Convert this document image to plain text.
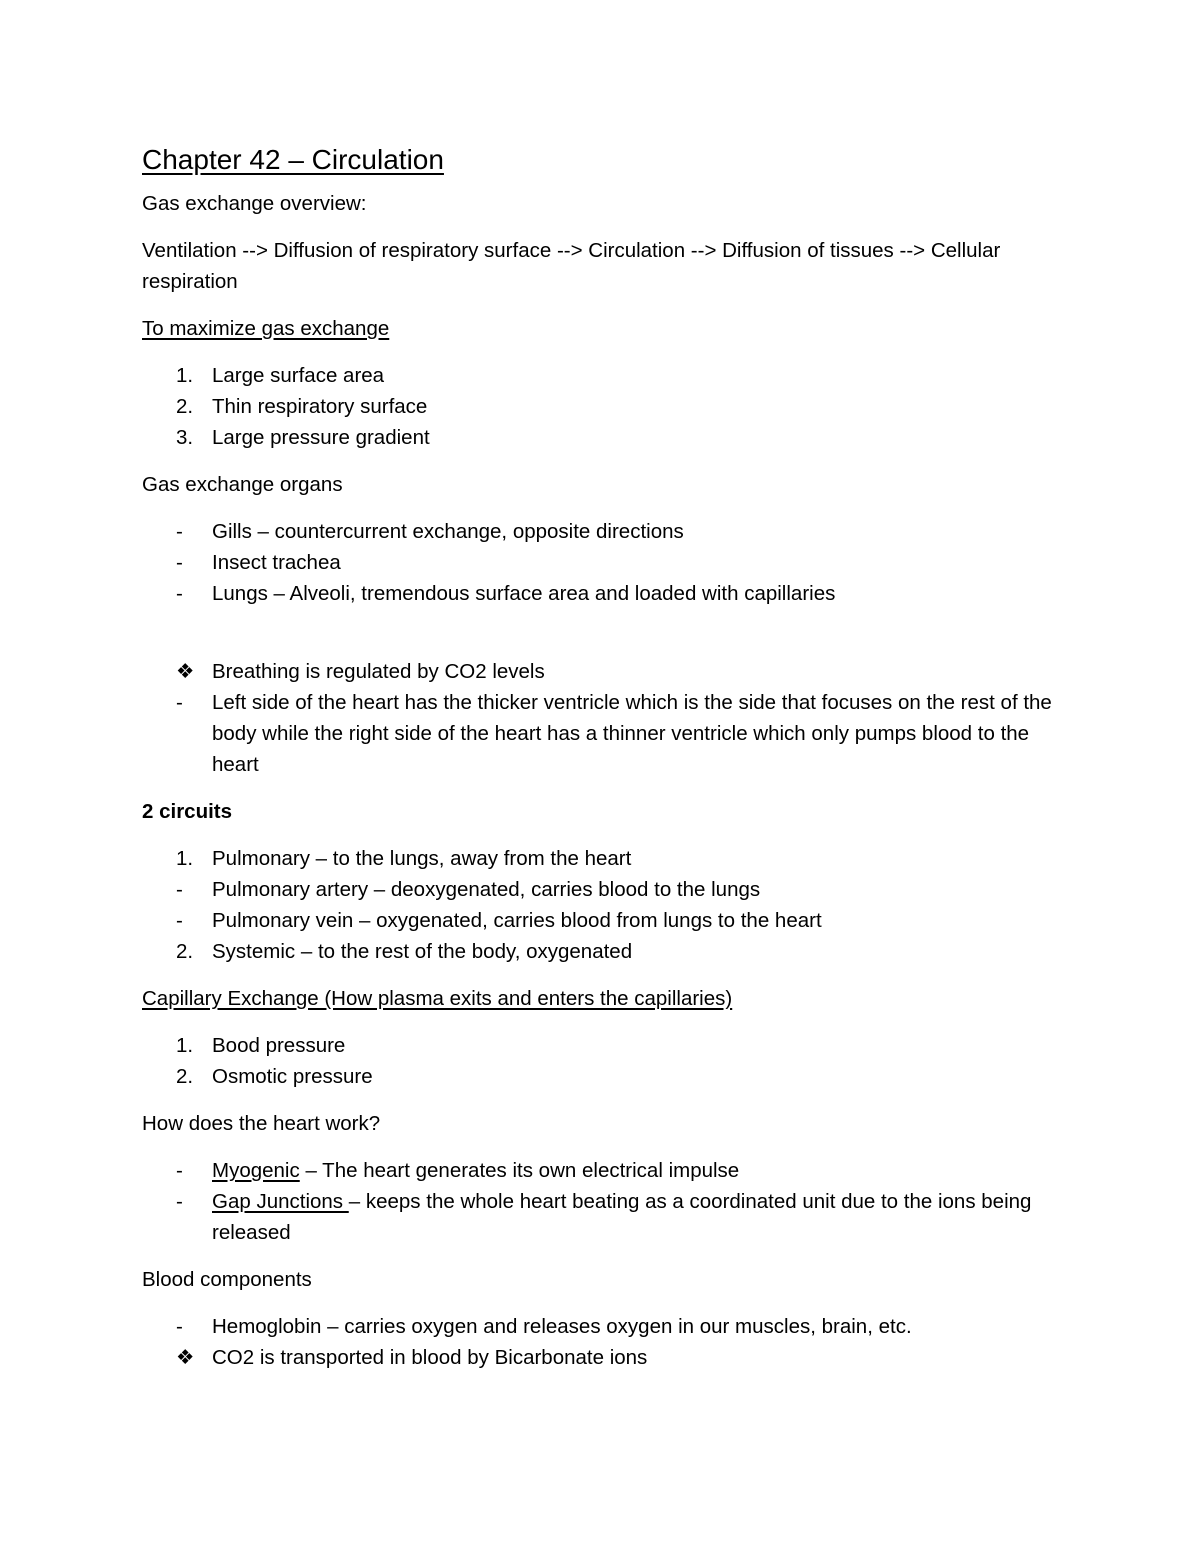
Chapter 42 – Circulation

Gas exchange overview:

Ventilation --> Diffusion of respiratory surface --> Circulation --> Diffusion of tissues --> Cellular respiration

To maximize gas exchange

1. Large surface area
2. Thin respiratory surface
3. Large pressure gradient

Gas exchange organs

-	Gills – countercurrent exchange, opposite directions
-	Insect trachea
-	Lungs – Alveoli, tremendous surface area and loaded with capillaries
❖ Breathing is regulated by CO2 levels
-	Left side of the heart has the thicker ventricle which is the side that focuses on the rest of the body while the right side of the heart has a thinner ventricle which only pumps blood to the heart

2 circuits

1. Pulmonary – to the lungs, away from the heart
-	Pulmonary artery – deoxygenated, carries blood to the lungs
-	Pulmonary vein – oxygenated, carries blood from lungs to the heart
2. Systemic – to the rest of the body, oxygenated

Capillary Exchange (How plasma exits and enters the capillaries)

1. Bood pressure
2. Osmotic pressure

How does the heart work?

-	Myogenic – The heart generates its own electrical impulse
-	Gap Junctions – keeps the whole heart beating as a coordinated unit due to the ions being released

Blood components

-	Hemoglobin – carries oxygen and releases oxygen in our muscles, brain, etc.
❖ CO2 is transported in blood by Bicarbonate ions
